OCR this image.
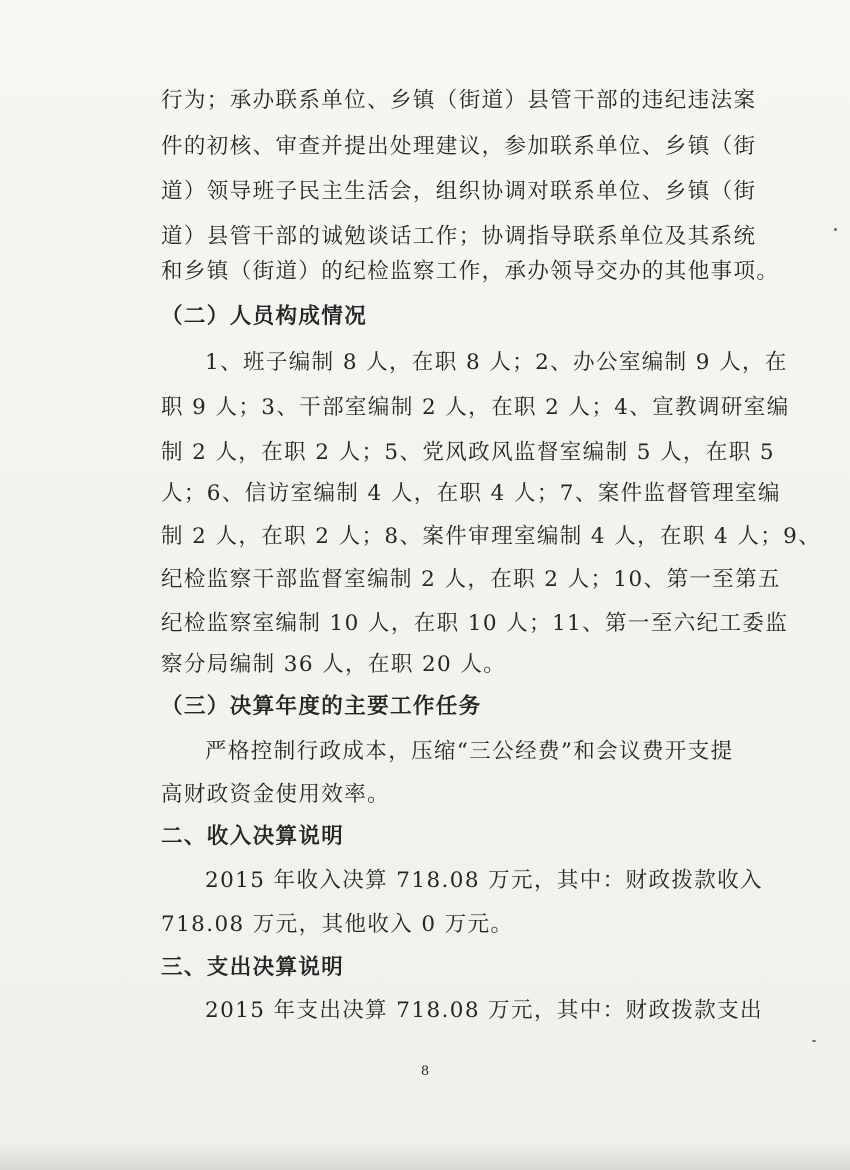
行为；承办联系单位、乡镇（街道）县管干部的违纪违法案
件的初核、审查并提出处理建议，参加联系单位、乡镇（街
道）领导班子民主生活会，组织协调对联系单位、乡镇（街
道）县管干部的诚勉谈话工作；协调指导联系单位及其系统
和乡镇（街道）的纪检监察工作，承办领导交办的其他事项。
（二）人员构成情况
1、班子编制 8 人，在职 8 人；2、办公室编制 9 人，在
职 9 人；3、干部室编制 2 人，在职 2 人；4、宣教调研室编
制 2 人，在职 2 人；5、党风政风监督室编制 5 人，在职 5
人；6、信访室编制 4 人，在职 4 人；7、案件监督管理室编
制 2 人，在职 2 人；8、案件审理室编制 4 人，在职 4 人；9、
纪检监察干部监督室编制 2 人，在职 2 人；10、第一至第五
纪检监察室编制 10 人，在职 10 人；11、第一至六纪工委监
察分局编制 36 人，在职 20 人。
（三）决算年度的主要工作任务
严格控制行政成本，压缩“三公经费”和会议费开支提
高财政资金使用效率。
二、收入决算说明
2015 年收入决算 718.08 万元，其中：财政拨款收入
718.08 万元，其他收入 0 万元。
三、支出决算说明
2015 年支出决算 718.08 万元，其中：财政拨款支出
8
